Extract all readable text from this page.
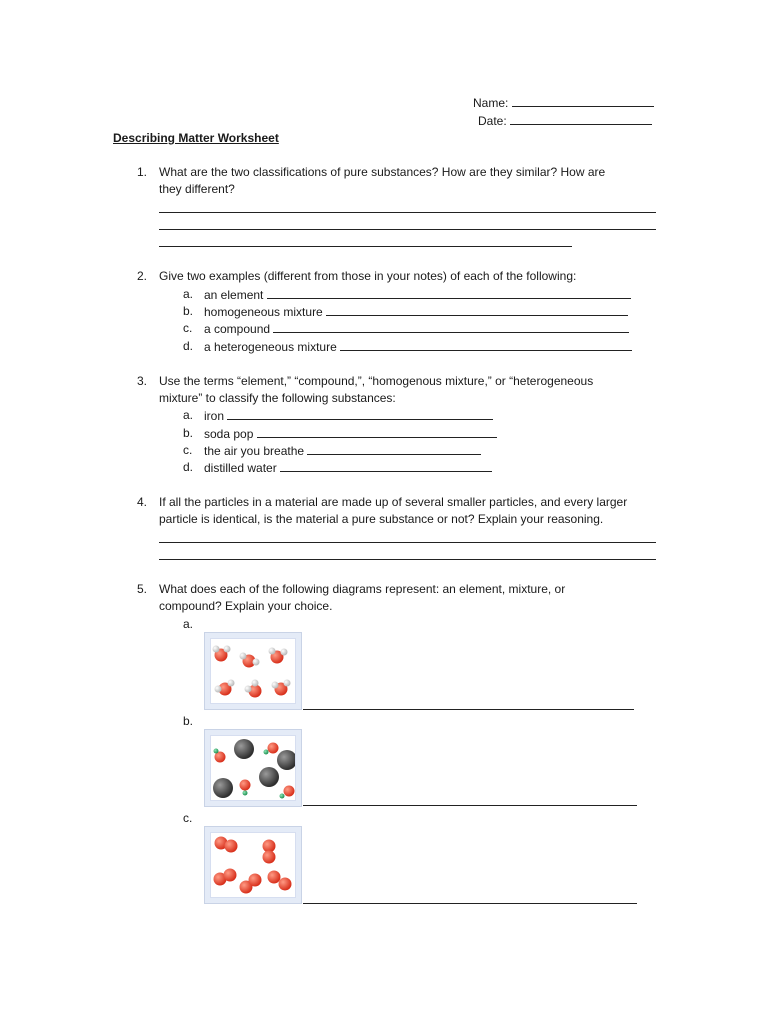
Name:
Date:
Describing Matter Worksheet
1. What are the two classifications of pure substances? How are they similar? How are
they different?
2. Give two examples (different from those in your notes) of each of the following:
a. an element
b. homogeneous mixture
c. a compound
d. a heterogeneous mixture
3. Use the terms “element,” “compound,”, “homogenous mixture,” or “heterogeneous
mixture” to classify the following substances:
a. iron
b. soda pop
c. the air you breathe
d. distilled water
4. If all the particles in a material are made up of several smaller particles, and every larger
particle is identical, is the material a pure substance or not? Explain your reasoning.
5. What does each of the following diagrams represent: an element, mixture, or
compound? Explain your choice.
a.
b.
c.
